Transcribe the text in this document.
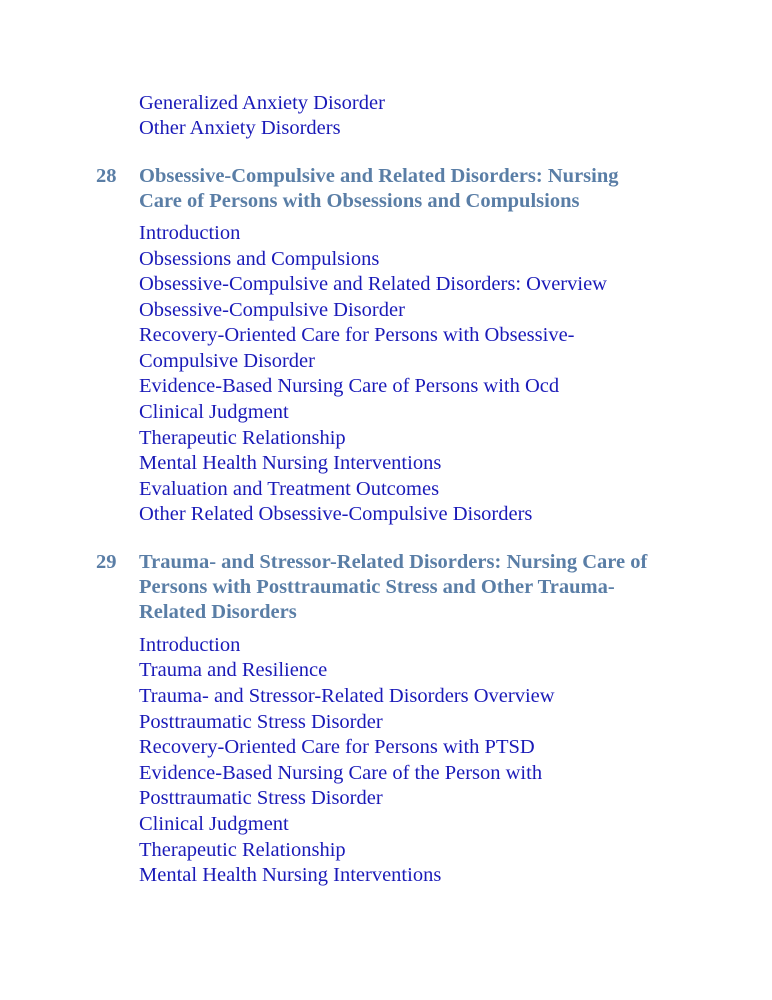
Generalized Anxiety Disorder
Other Anxiety Disorders
28 Obsessive-Compulsive and Related Disorders: Nursing
Care of Persons with Obsessions and Compulsions
Introduction
Obsessions and Compulsions
Obsessive-Compulsive and Related Disorders: Overview
Obsessive-Compulsive Disorder
Recovery-Oriented Care for Persons with Obsessive-
Compulsive Disorder
Evidence-Based Nursing Care of Persons with Ocd
Clinical Judgment
Therapeutic Relationship
Mental Health Nursing Interventions
Evaluation and Treatment Outcomes
Other Related Obsessive-Compulsive Disorders
29 Trauma- and Stressor-Related Disorders: Nursing Care of
Persons with Posttraumatic Stress and Other Trauma-
Related Disorders
Introduction
Trauma and Resilience
Trauma- and Stressor-Related Disorders Overview
Posttraumatic Stress Disorder
Recovery-Oriented Care for Persons with PTSD
Evidence-Based Nursing Care of the Person with
Posttraumatic Stress Disorder
Clinical Judgment
Therapeutic Relationship
Mental Health Nursing Interventions
